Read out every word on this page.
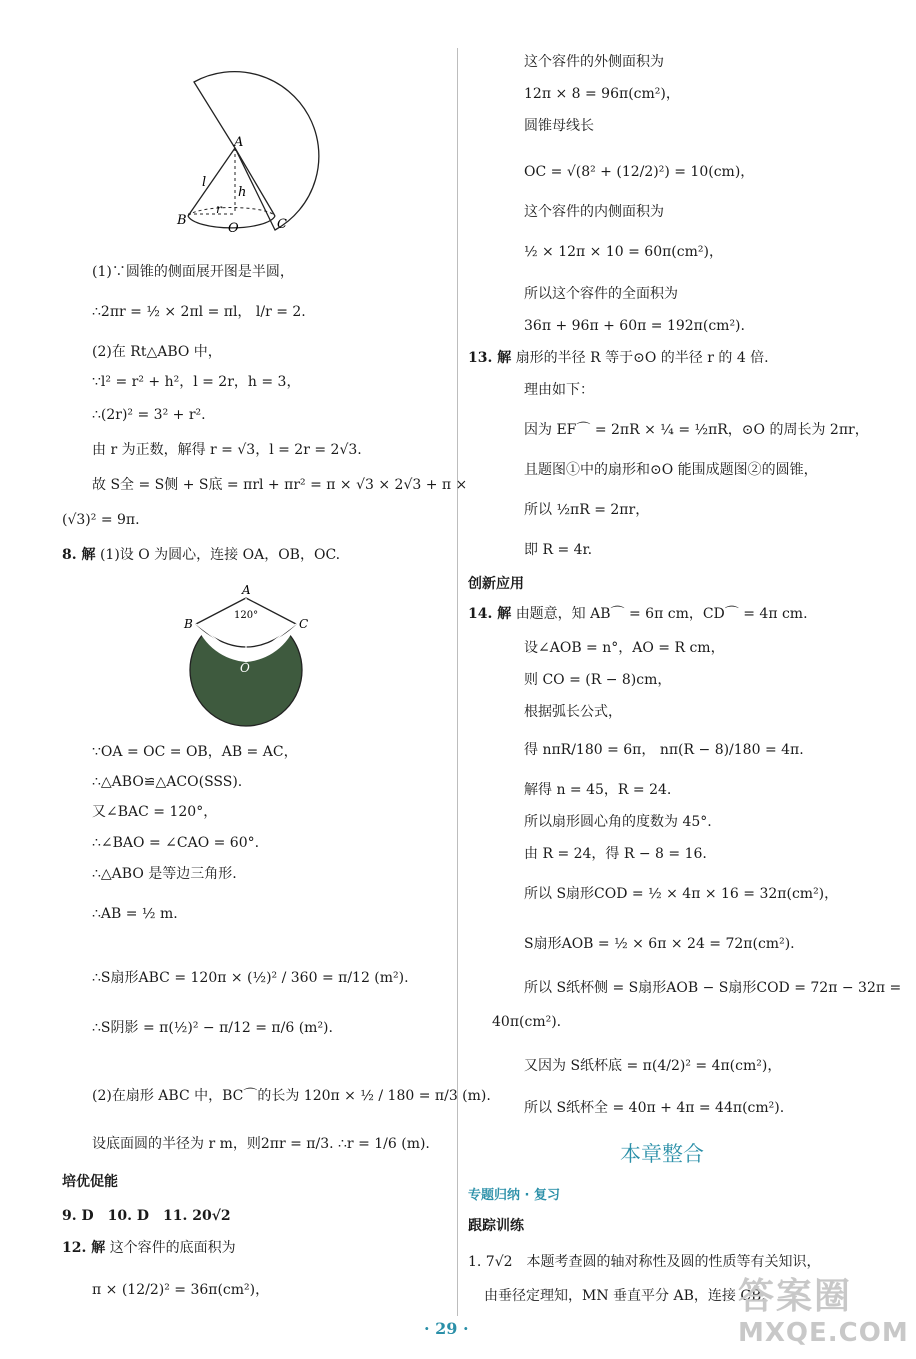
A
l
h
r
B
O	C
(1)∵圆锥的侧面展开图是半圆，
∴2πr = ½ × 2πl = πl， l/r = 2.
(2)在 Rt△ABO 中，
∵l² = r² + h²，l = 2r，h = 3，
∴(2r)² = 3² + r².
由 r 为正数，解得 r = √3，l = 2r = 2√3.
故 S全 = S侧 + S底 = πrl + πr² = π × √3 × 2√3 + π ×
(√3)² = 9π.
8. 解 (1)设 O 为圆心，连接 OA，OB，OC.
A
120°
B	C
O
∵OA = OC = OB，AB = AC，
∴△ABO≌△ACO(SSS).
又∠BAC = 120°，
∴∠BAO = ∠CAO = 60°.
∴△ABO 是等边三角形.
∴AB = ½ m.
∴S扇形ABC = 120π × (½)² / 360 = π/12 (m²).
∴S阴影 = π(½)² − π/12 = π/6 (m²).
(2)在扇形 ABC 中，BC⌒的长为 120π × ½ / 180 = π/3 (m).
设底面圆的半径为 r m，则2πr = π/3. ∴r = 1/6 (m).
培优促能
9. D　10. D　11. 20√2
12. 解 这个容件的底面积为
π × (12/2)² = 36π(cm²)，
这个容件的外侧面积为
12π × 8 = 96π(cm²)，
圆锥母线长
OC = √(8² + (12/2)²) = 10(cm)，
这个容件的内侧面积为
½ × 12π × 10 = 60π(cm²)，
所以这个容件的全面积为
36π + 96π + 60π = 192π(cm²).
13. 解 扇形的半径 R 等于⊙O 的半径 r 的 4 倍.
理由如下：
因为 EF⌒ = 2πR × ¼ = ½πR，⊙O 的周长为 2πr，
且题图①中的扇形和⊙O 能围成题图②的圆锥，
所以 ½πR = 2πr，
即 R = 4r.
创新应用
14. 解 由题意，知 AB⌒ = 6π cm，CD⌒ = 4π cm.
设∠AOB = n°，AO = R cm，
则 CO = (R − 8)cm，
根据弧长公式，
得 nπR/180 = 6π， nπ(R − 8)/180 = 4π.
解得 n = 45，R = 24.
所以扇形圆心角的度数为 45°.
由 R = 24，得 R − 8 = 16.
所以 S扇形COD = ½ × 4π × 16 = 32π(cm²)，
S扇形AOB = ½ × 6π × 24 = 72π(cm²).
所以 S纸杯侧 = S扇形AOB − S扇形COD = 72π − 32π =
40π(cm²).
又因为 S纸杯底 = π(4/2)² = 4π(cm²)，
所以 S纸杯全 = 40π + 4π = 44π(cm²).
本章整合
专题归纳 · 复习
跟踪训练
1. 7√2　本题考查圆的轴对称性及圆的性质等有关知识，
由垂径定理知，MN 垂直平分 AB，连接 CB.
· 29 ·
答案圈
MXQE.COM
